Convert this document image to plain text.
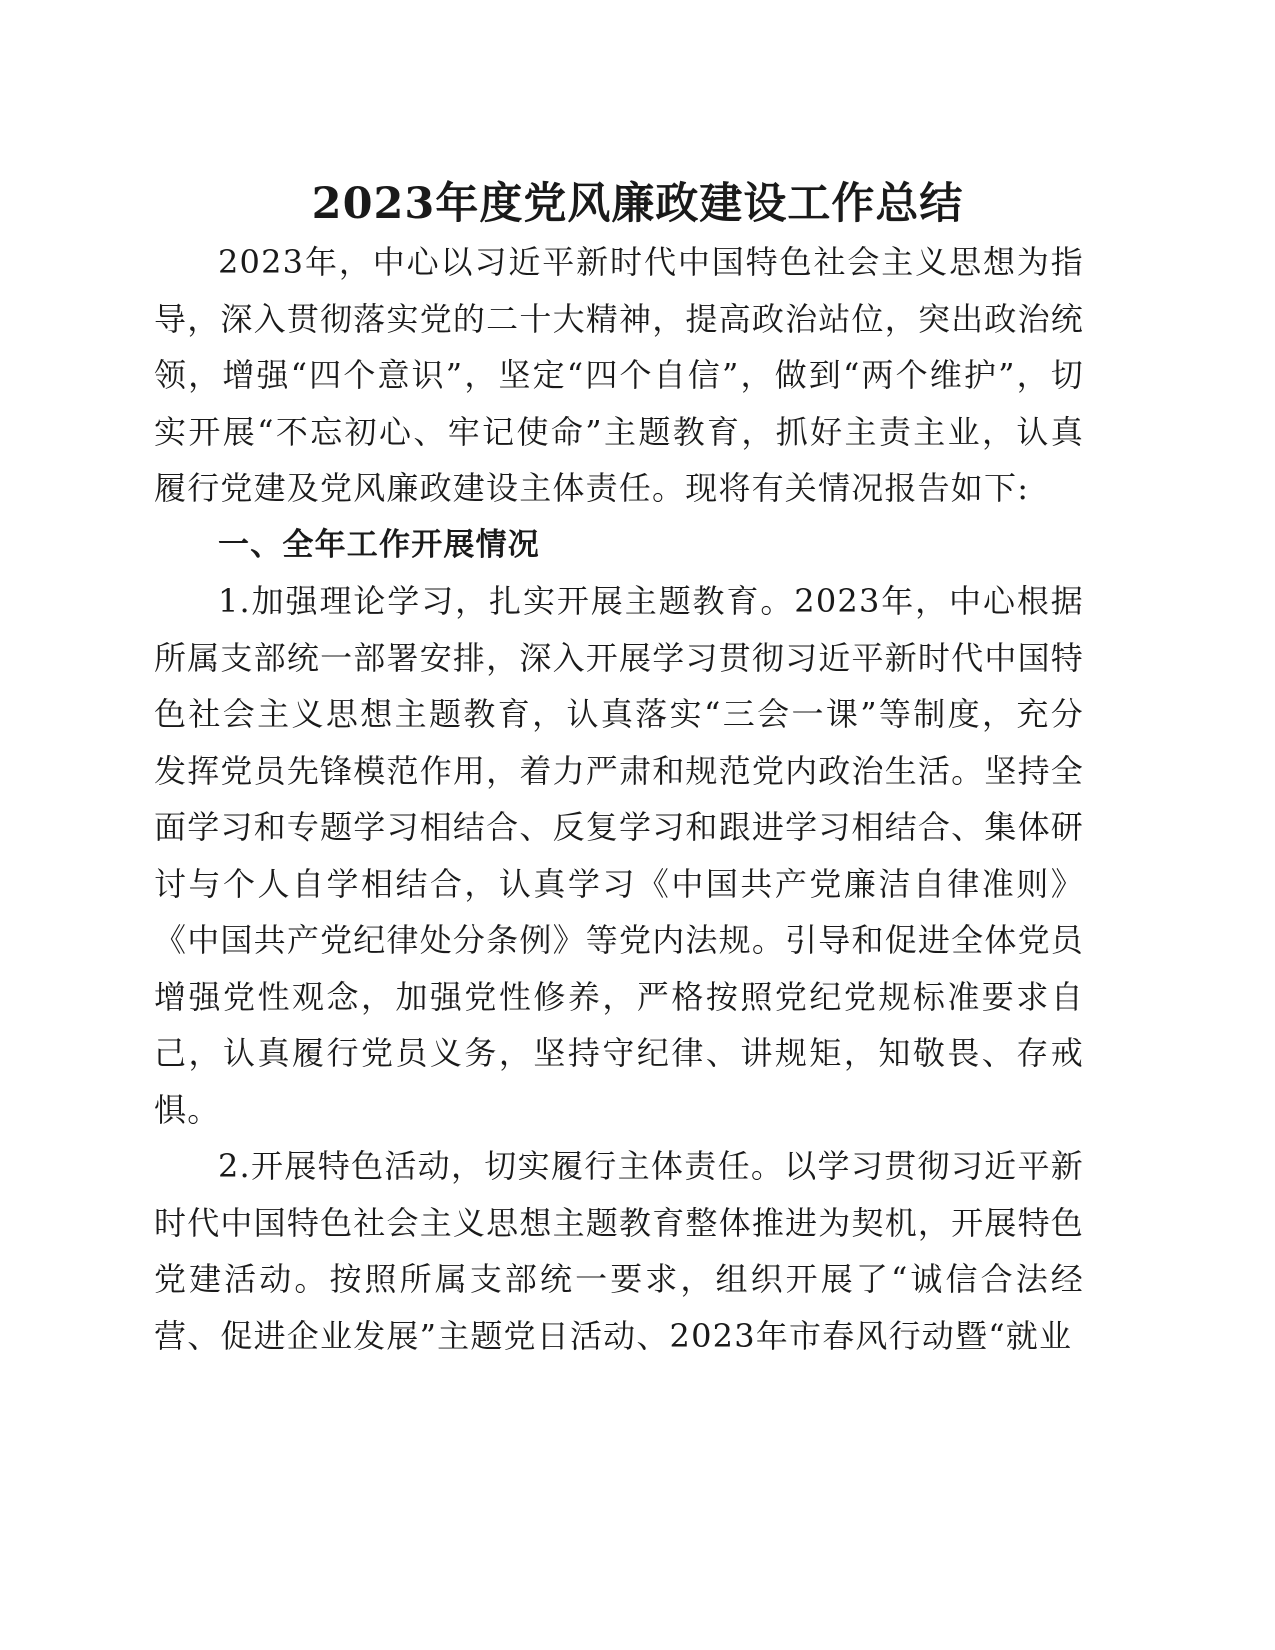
2023年度党风廉政建设工作总结

2023年，中心以习近平新时代中国特色社会主义思想为指导，深入贯彻落实党的二十大精神，提高政治站位，突出政治统领，增强“四个意识”，坚定“四个自信”，做到“两个维护”，切实开展“不忘初心、牢记使命”主题教育，抓好主责主业，认真履行党建及党风廉政建设主体责任。现将有关情况报告如下:

一、全年工作开展情况

1.加强理论学习，扎实开展主题教育。2023年，中心根据所属支部统一部署安排，深入开展学习贯彻习近平新时代中国特色社会主义思想主题教育，认真落实“三会一课”等制度，充分发挥党员先锋模范作用，着力严肃和规范党内政治生活。坚持全面学习和专题学习相结合、反复学习和跟进学习相结合、集体研讨与个人自学相结合，认真学习《中国共产党廉洁自律准则》《中国共产党纪律处分条例》等党内法规。引导和促进全体党员增强党性观念，加强党性修养，严格按照党纪党规标准要求自己，认真履行党员义务，坚持守纪律、讲规矩，知敬畏、存戒惧。

2.开展特色活动，切实履行主体责任。以学习贯彻习近平新时代中国特色社会主义思想主题教育整体推进为契机，开展特色党建活动。按照所属支部统一要求，组织开展了“诚信合法经营、促进企业发展”主题党日活动、2023年市春风行动暨“就业
